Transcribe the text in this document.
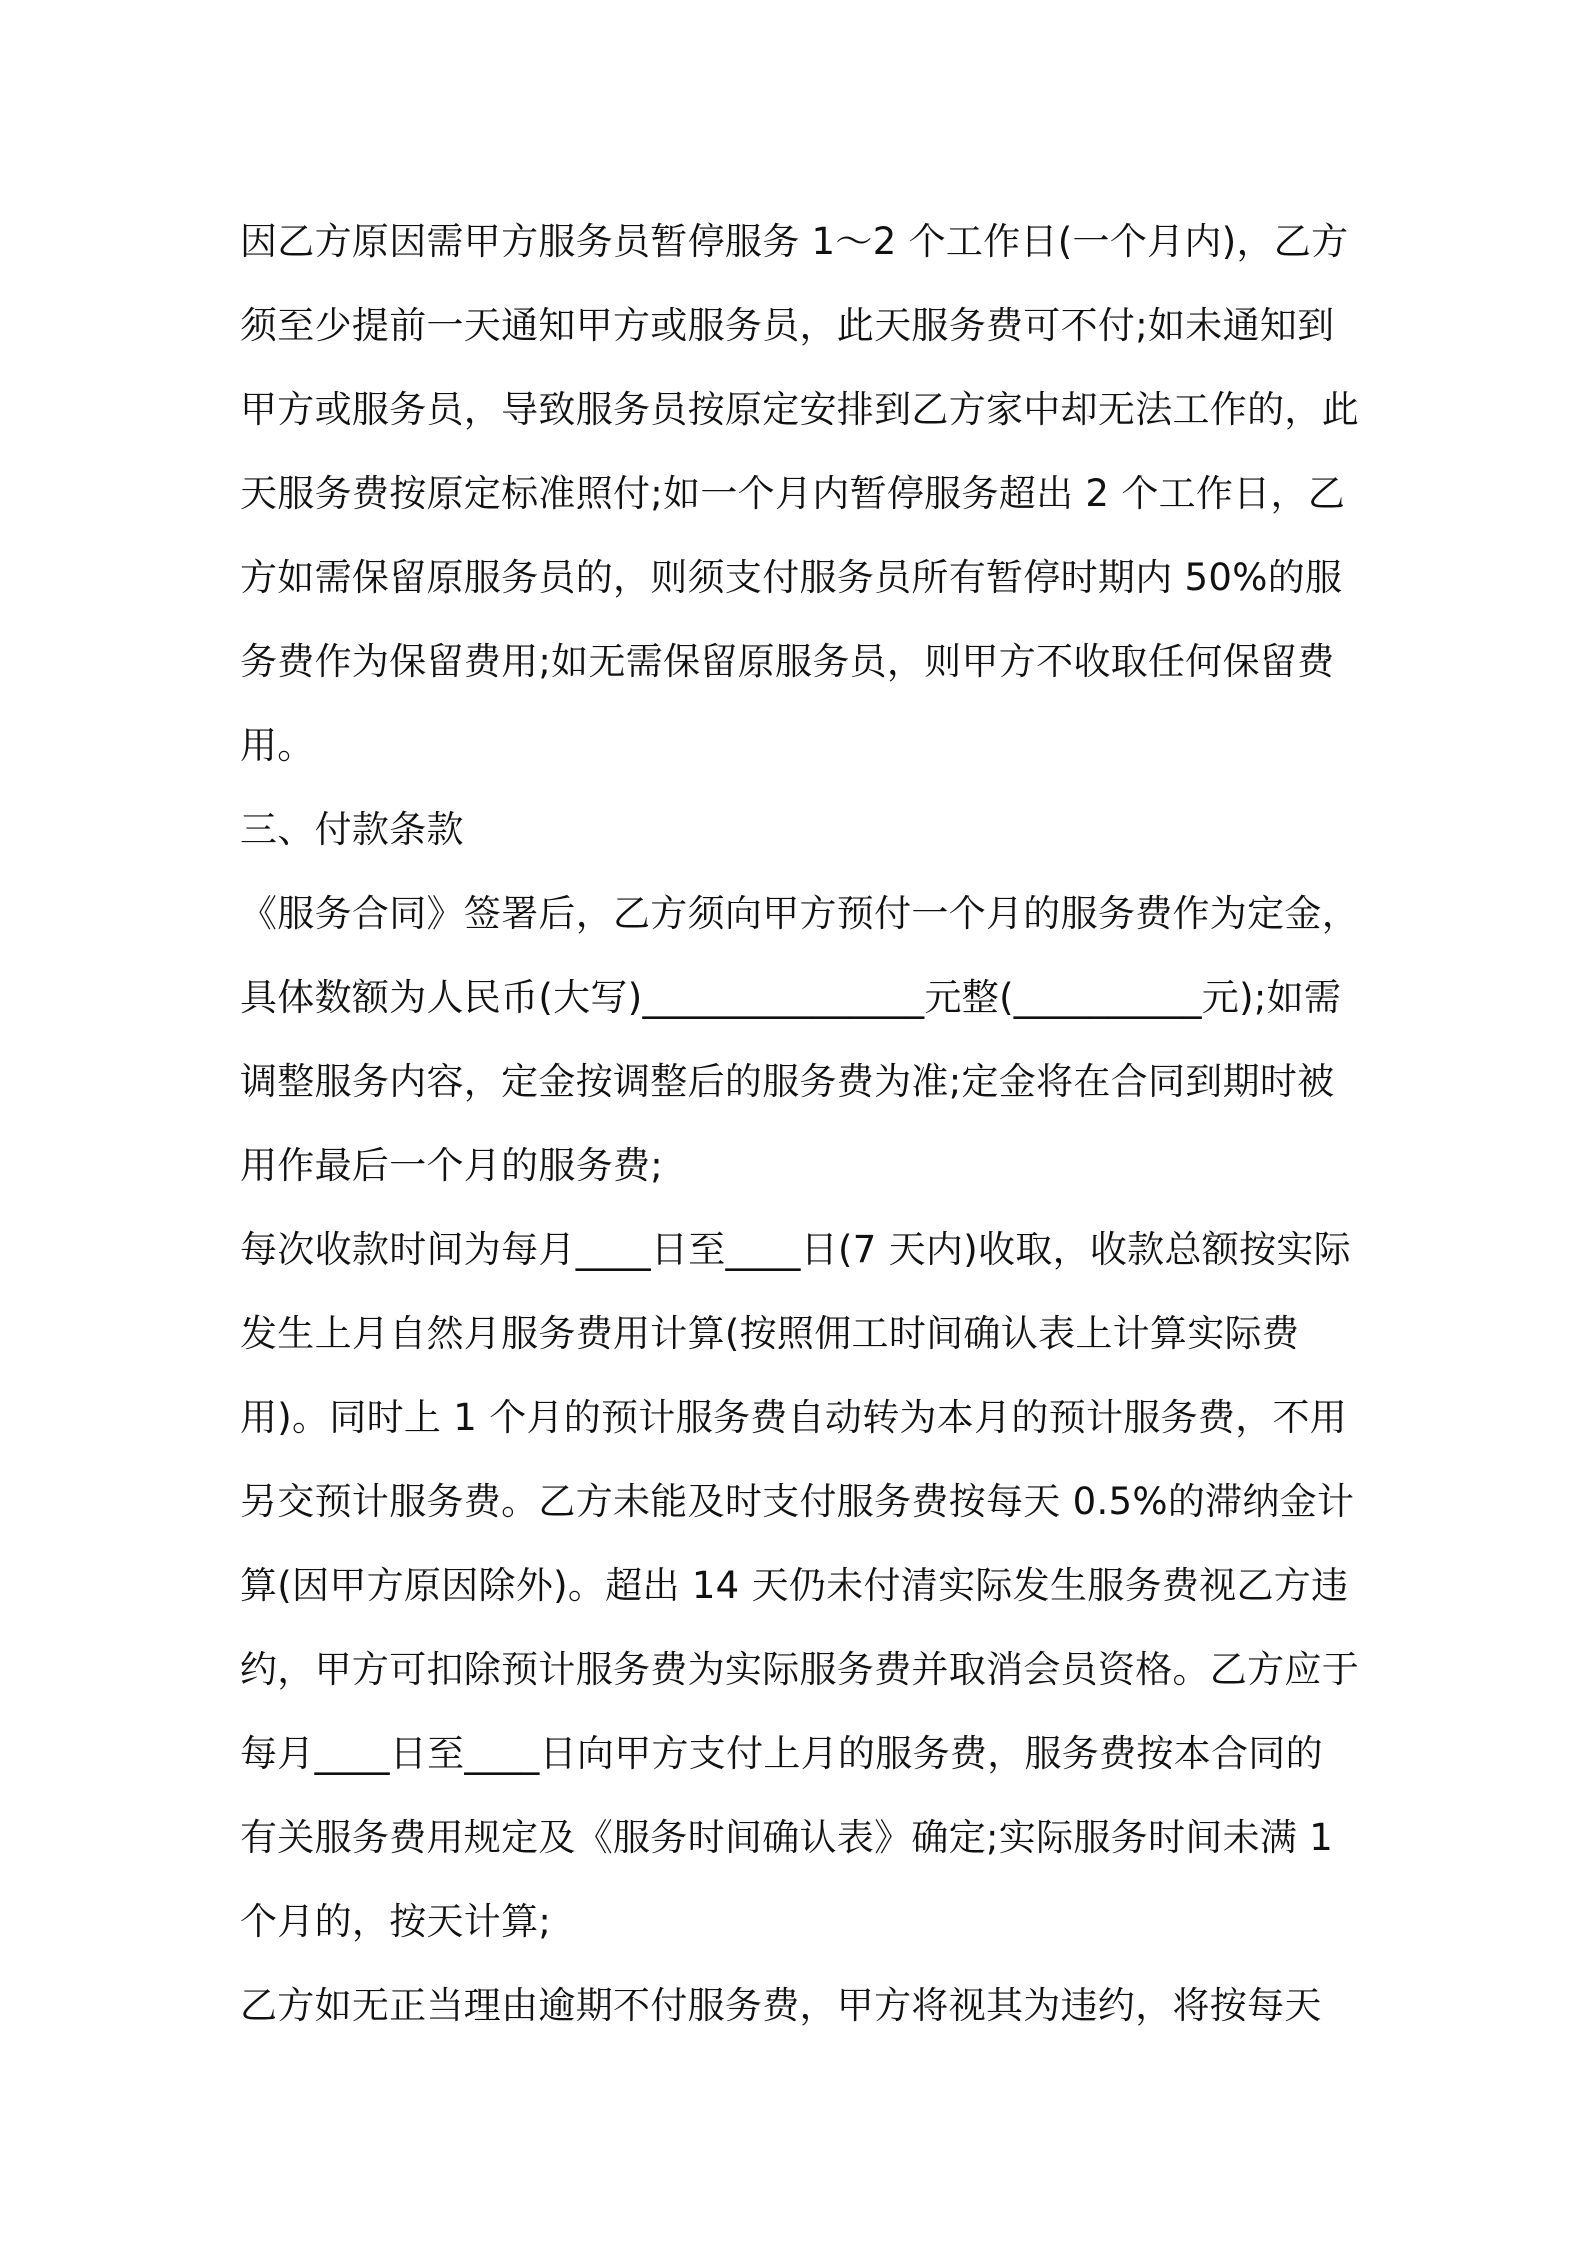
因乙方原因需甲方服务员暂停服务 1～2 个工作日(一个月内)，乙方
须至少提前一天通知甲方或服务员，此天服务费可不付;如未通知到
甲方或服务员，导致服务员按原定安排到乙方家中却无法工作的，此
天服务费按原定标准照付;如一个月内暂停服务超出 2 个工作日，乙
方如需保留原服务员的，则须支付服务员所有暂停时期内 50%的服
务费作为保留费用;如无需保留原服务员，则甲方不收取任何保留费
用。
三、付款条款
《服务合同》签署后，乙方须向甲方预付一个月的服务费作为定金，
具体数额为人民币(大写)_______________元整(__________元);如需
调整服务内容，定金按调整后的服务费为准;定金将在合同到期时被
用作最后一个月的服务费;
每次收款时间为每月____日至____日(7 天内)收取，收款总额按实际
发生上月自然月服务费用计算(按照佣工时间确认表上计算实际费
用)。同时上 1 个月的预计服务费自动转为本月的预计服务费，不用
另交预计服务费。乙方未能及时支付服务费按每天 0.5%的滞纳金计
算(因甲方原因除外)。超出 14 天仍未付清实际发生服务费视乙方违
约，甲方可扣除预计服务费为实际服务费并取消会员资格。乙方应于
每月____日至____日向甲方支付上月的服务费，服务费按本合同的
有关服务费用规定及《服务时间确认表》确定;实际服务时间未满 1
个月的，按天计算;
乙方如无正当理由逾期不付服务费，甲方将视其为违约，将按每天
